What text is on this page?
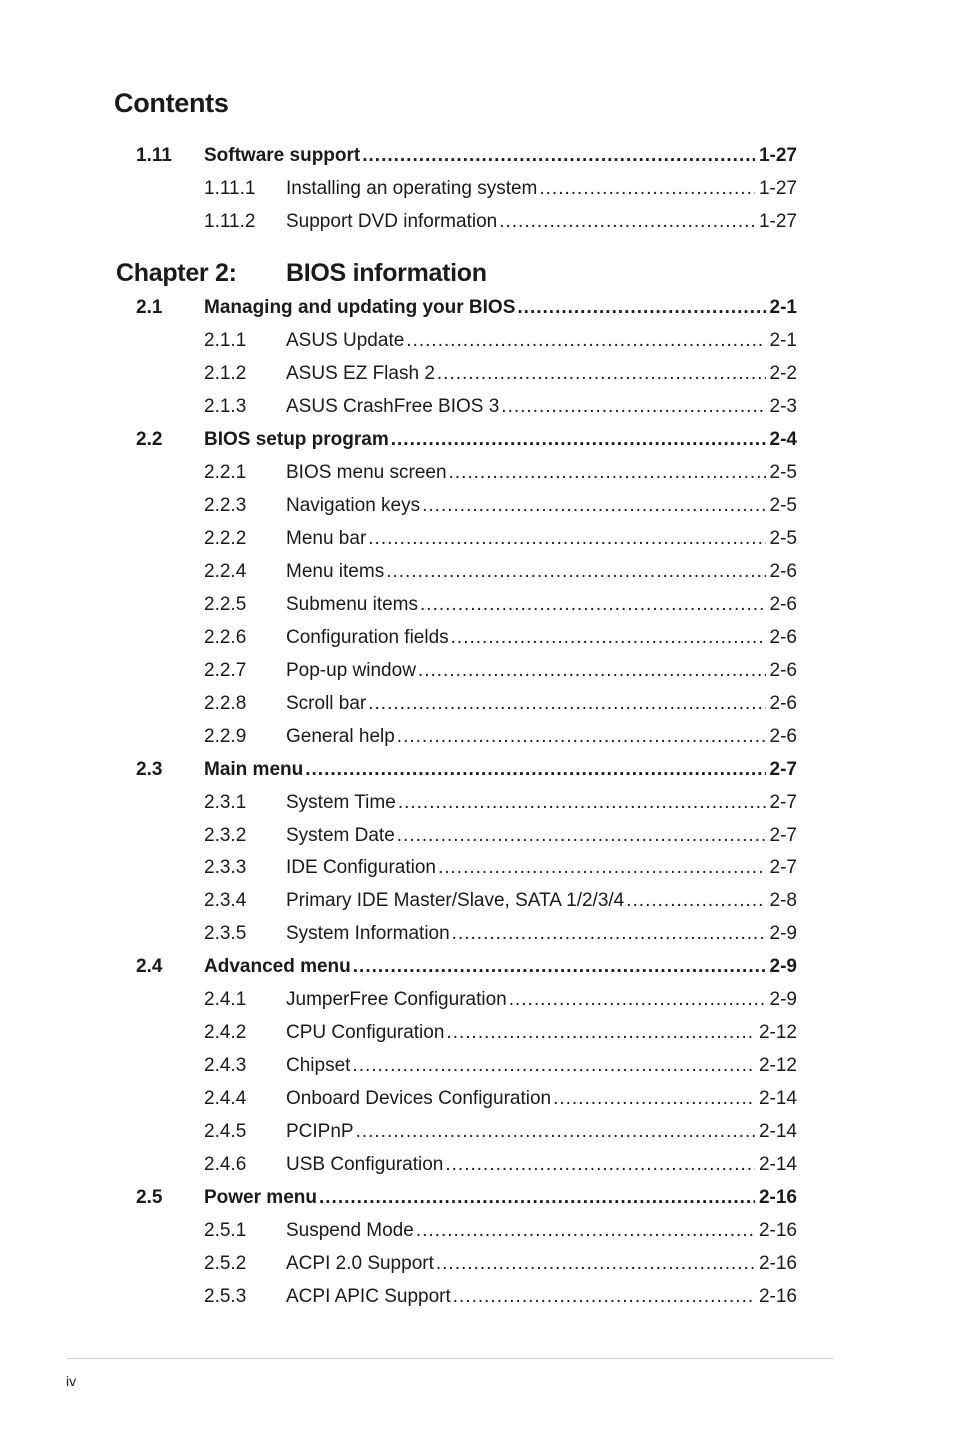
Contents
1.11 Software support .....	1-27
1.11.1 Installing an operating system .....	1-27
1.11.2 Support DVD information .....	1-27
Chapter 2:	BIOS information
2.1 Managing and updating your BIOS .....	2-1
2.1.1 ASUS Update .....	2-1
2.1.2 ASUS EZ Flash 2 .....	2-2
2.1.3 ASUS CrashFree BIOS 3 .....	2-3
2.2 BIOS setup program .....	2-4
2.2.1 BIOS menu screen .....	2-5
2.2.3 Navigation keys .....	2-5
2.2.2 Menu bar .....	2-5
2.2.4 Menu items .....	2-6
2.2.5 Submenu items .....	2-6
2.2.6 Configuration fields .....	2-6
2.2.7 Pop-up window .....	2-6
2.2.8 Scroll bar .....	2-6
2.2.9 General help .....	2-6
2.3 Main menu .....	2-7
2.3.1 System Time .....	2-7
2.3.2 System Date .....	2-7
2.3.3 IDE Configuration .....	2-7
2.3.4 Primary IDE Master/Slave, SATA 1/2/3/4 .....	2-8
2.3.5 System Information .....	2-9
2.4 Advanced menu .....	2-9
2.4.1 JumperFree Configuration .....	2-9
2.4.2 CPU Configuration .....	2-12
2.4.3 Chipset .....	2-12
2.4.4 Onboard Devices Configuration .....	2-14
2.4.5 PCIPnP .....	2-14
2.4.6 USB Configuration .....	2-14
2.5 Power menu .....	2-16
2.5.1 Suspend Mode .....	2-16
2.5.2 ACPI 2.0 Support .....	2-16
2.5.3 ACPI APIC Support .....	2-16
iv
